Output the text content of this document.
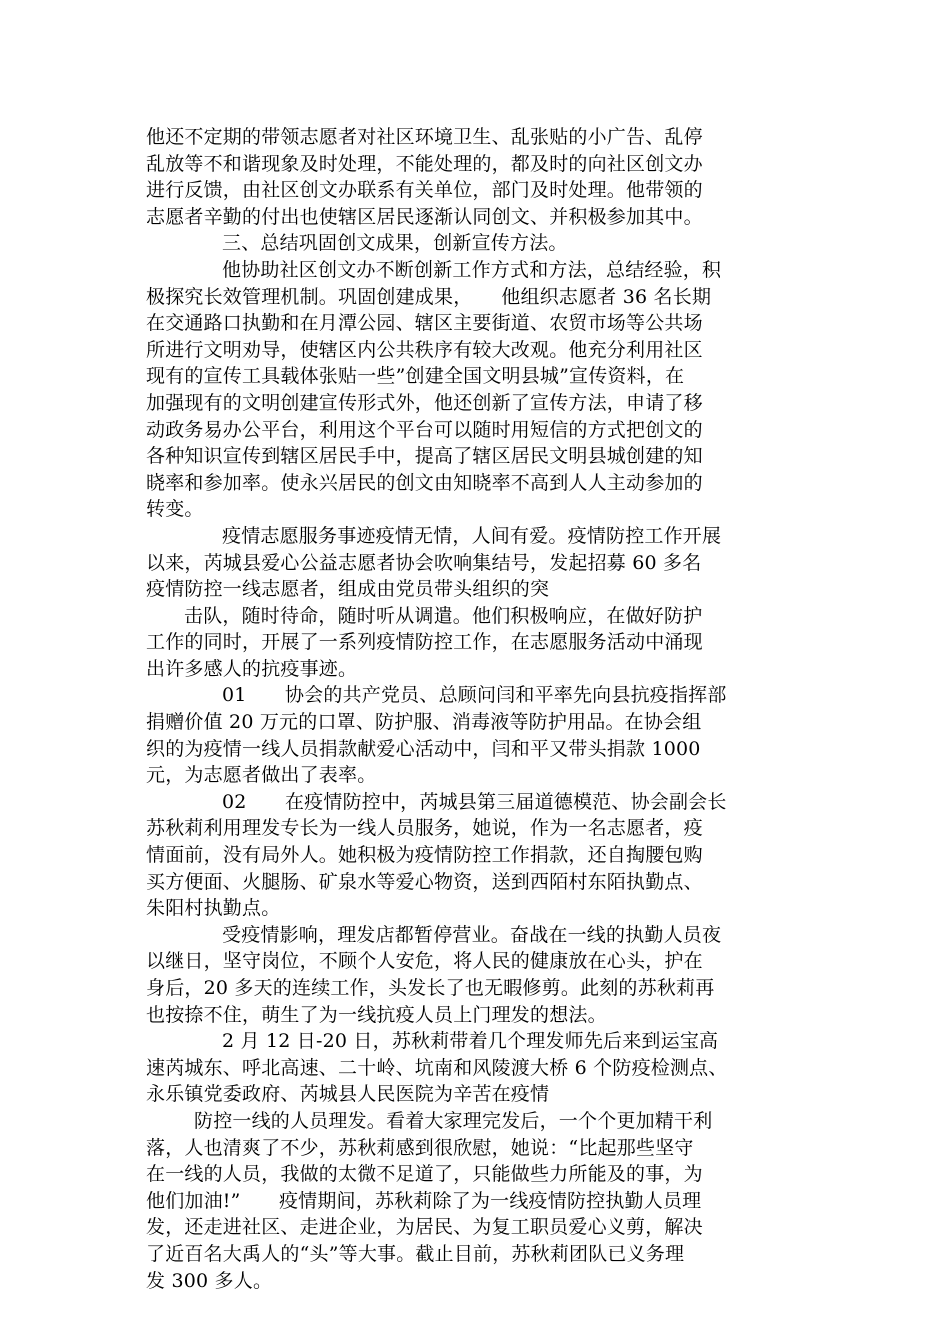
他还不定期的带领志愿者对社区环境卫生、乱张贴的小广告、乱停
乱放等不和谐现象及时处理，不能处理的，都及时的向社区创文办
进行反馈，由社区创文办联系有关单位，部门及时处理。他带领的
志愿者辛勤的付出也使辖区居民逐渐认同创文、并积极参加其中。
三、总结巩固创文成果，创新宣传方法。
他协助社区创文办不断创新工作方式和方法，总结经验，积
极探究长效管理机制。巩固创建成果，　　他组织志愿者 36 名长期
在交通路口执勤和在月潭公园、辖区主要街道、农贸市场等公共场
所进行文明劝导，使辖区内公共秩序有较大改观。他充分利用社区
现有的宣传工具载体张贴一些”创建全国文明县城”宣传资料，在
加强现有的文明创建宣传形式外，他还创新了宣传方法，申请了移
动政务易办公平台，利用这个平台可以随时用短信的方式把创文的
各种知识宣传到辖区居民手中，提高了辖区居民文明县城创建的知
晓率和参加率。使永兴居民的创文由知晓率不高到人人主动参加的
转变。
疫情志愿服务事迹疫情无情，人间有爱。疫情防控工作开展
以来，芮城县爱心公益志愿者协会吹响集结号，发起招募 60 多名
疫情防控一线志愿者，组成由党员带头组织的突
击队，随时待命，随时听从调遣。他们积极响应，在做好防护
工作的同时，开展了一系列疫情防控工作，在志愿服务活动中涌现
出许多感人的抗疫事迹。
01　　协会的共产党员、总顾问闫和平率先向县抗疫指挥部
捐赠价值 20 万元的口罩、防护服、消毒液等防护用品。在协会组
织的为疫情一线人员捐款献爱心活动中，闫和平又带头捐款 1000
元，为志愿者做出了表率。
02　　在疫情防控中，芮城县第三届道德模范、协会副会长
苏秋莉利用理发专长为一线人员服务，她说，作为一名志愿者，疫
情面前，没有局外人。她积极为疫情防控工作捐款，还自掏腰包购
买方便面、火腿肠、矿泉水等爱心物资，送到西陌村东陌执勤点、
朱阳村执勤点。
受疫情影响，理发店都暂停营业。奋战在一线的执勤人员夜
以继日，坚守岗位，不顾个人安危，将人民的健康放在心头，护在
身后，20 多天的连续工作，头发长了也无暇修剪。此刻的苏秋莉再
也按捺不住，萌生了为一线抗疫人员上门理发的想法。
2 月 12 日-20 日，苏秋莉带着几个理发师先后来到运宝高
速芮城东、呼北高速、二十岭、坑南和风陵渡大桥 6 个防疫检测点、
永乐镇党委政府、芮城县人民医院为辛苦在疫情
防控一线的人员理发。看着大家理完发后，一个个更加精干利
落，人也清爽了不少，苏秋莉感到很欣慰，她说：“比起那些坚守
在一线的人员，我做的太微不足道了，只能做些力所能及的事，为
他们加油!”　　疫情期间，苏秋莉除了为一线疫情防控执勤人员理
发，还走进社区、走进企业，为居民、为复工职员爱心义剪，解决
了近百名大禹人的“头”等大事。截止目前，苏秋莉团队已义务理
发 300 多人。
